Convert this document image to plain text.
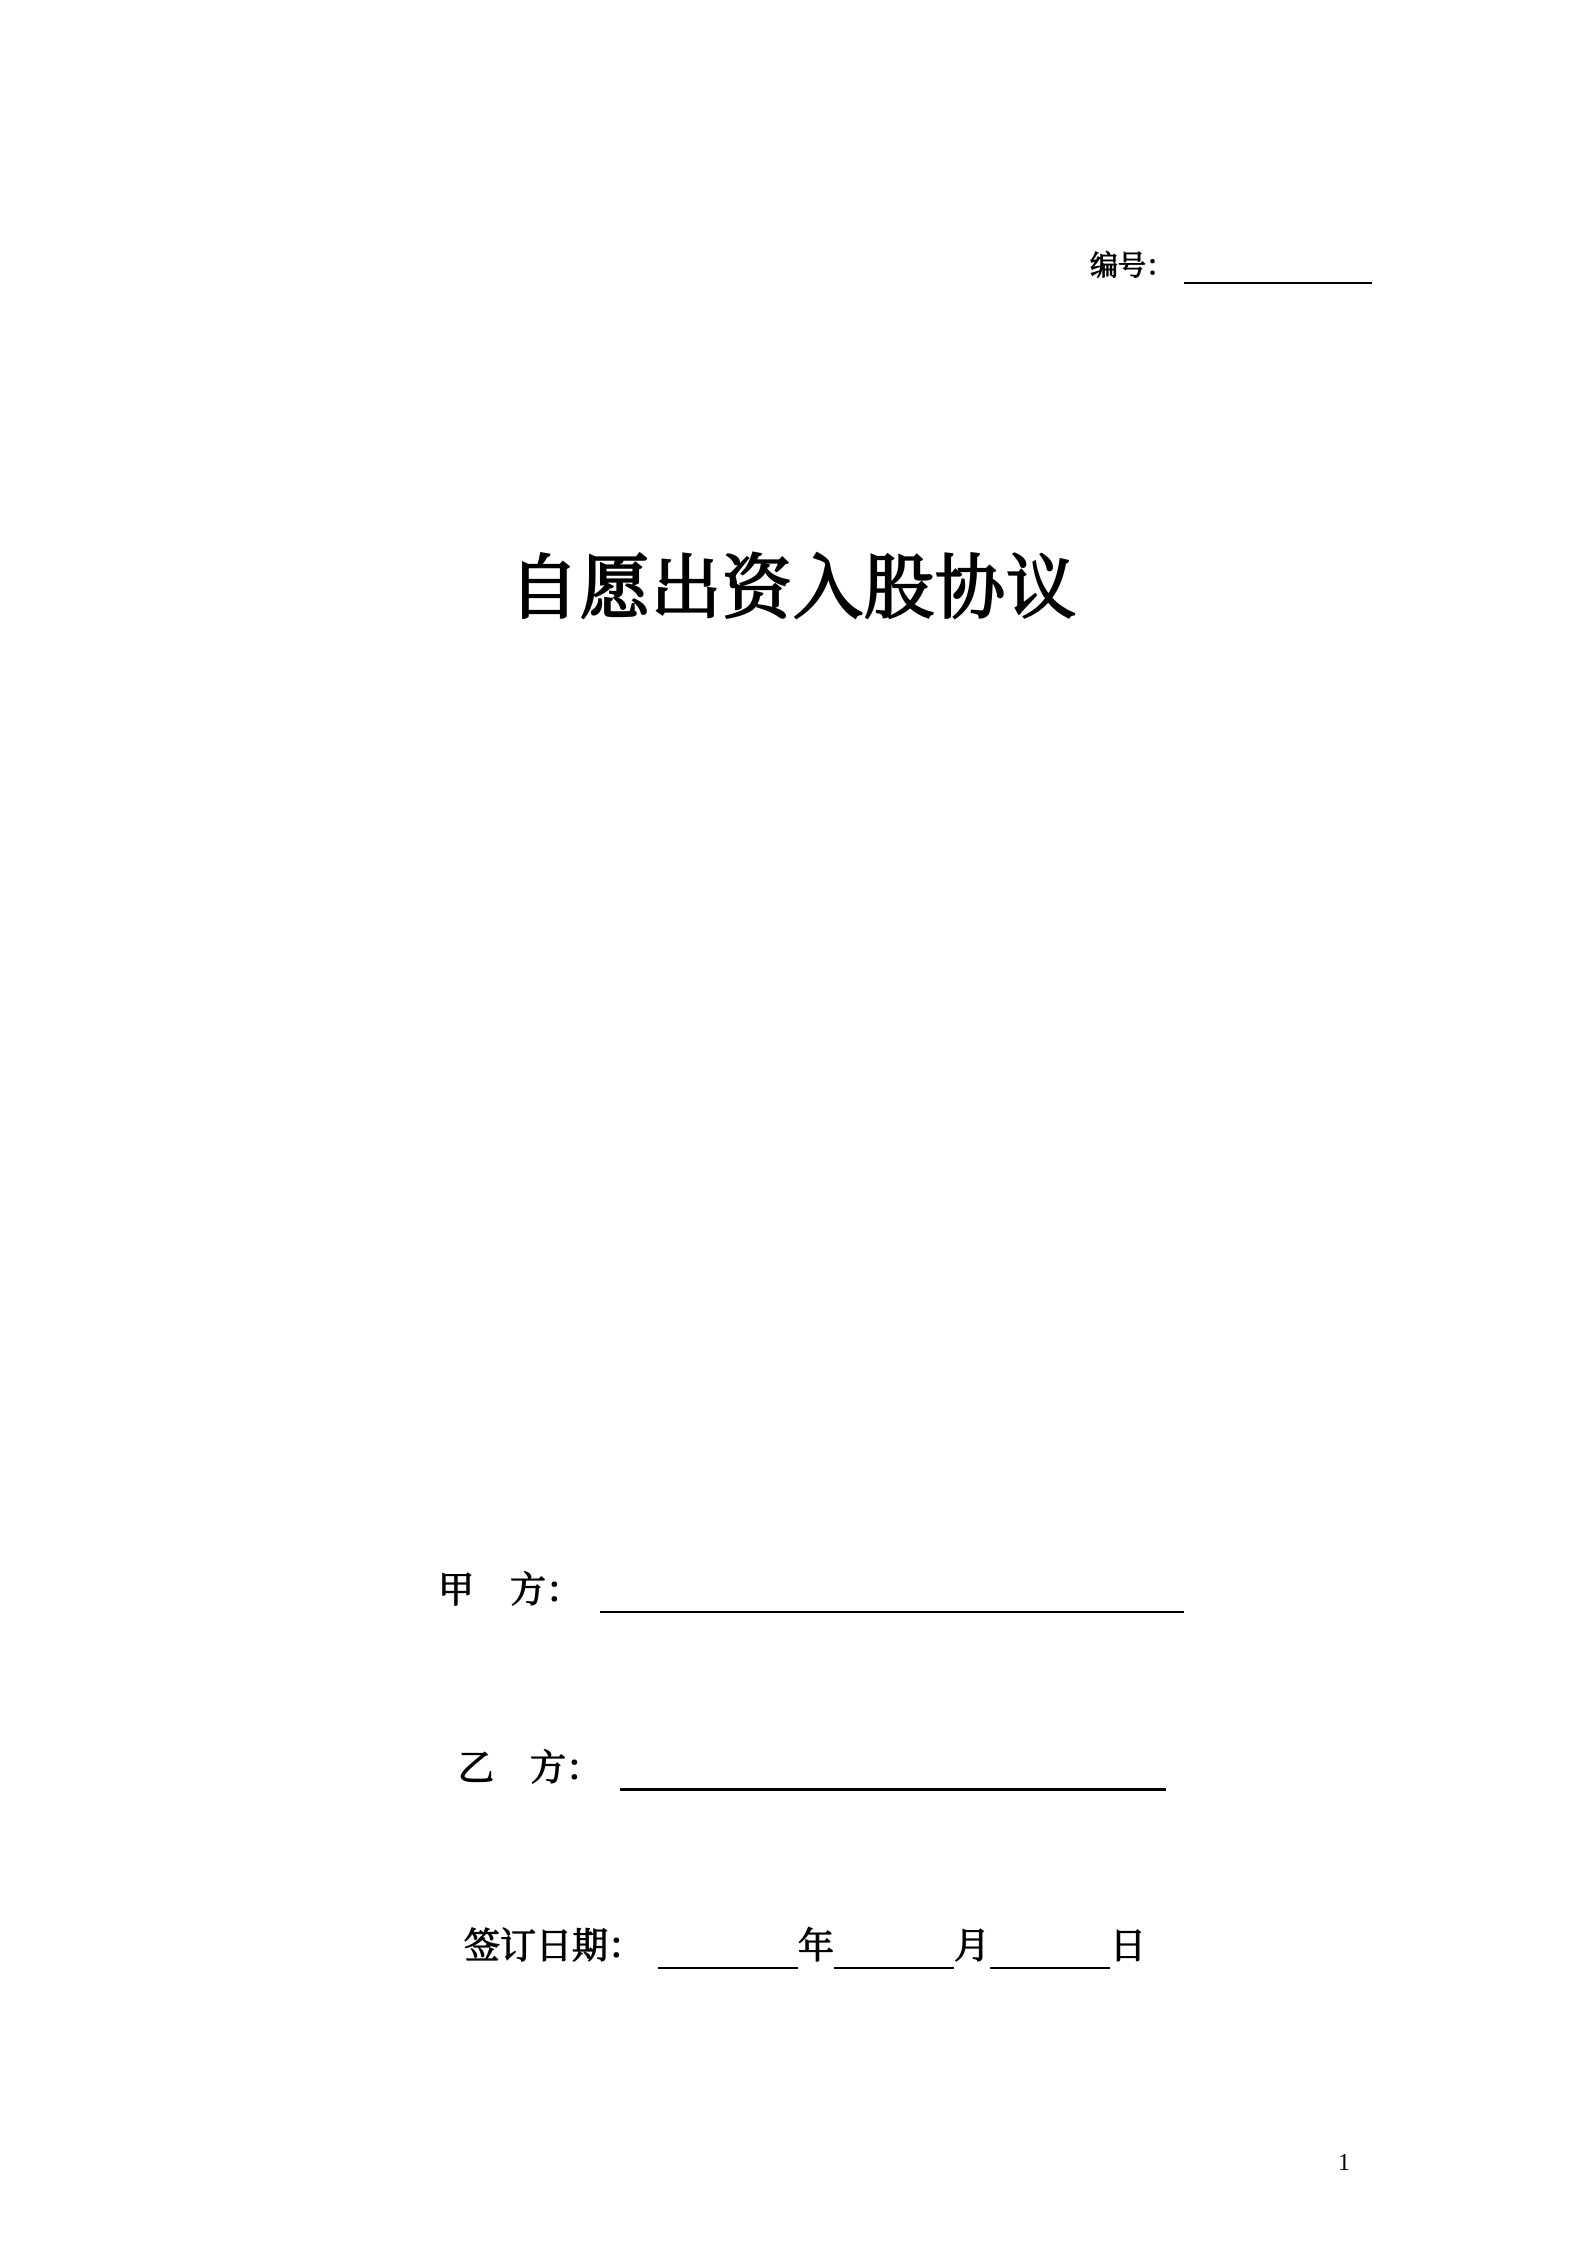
编号：
自愿出资入股协议
甲　方：
乙　方：
签订日期：	年	月	日
1
